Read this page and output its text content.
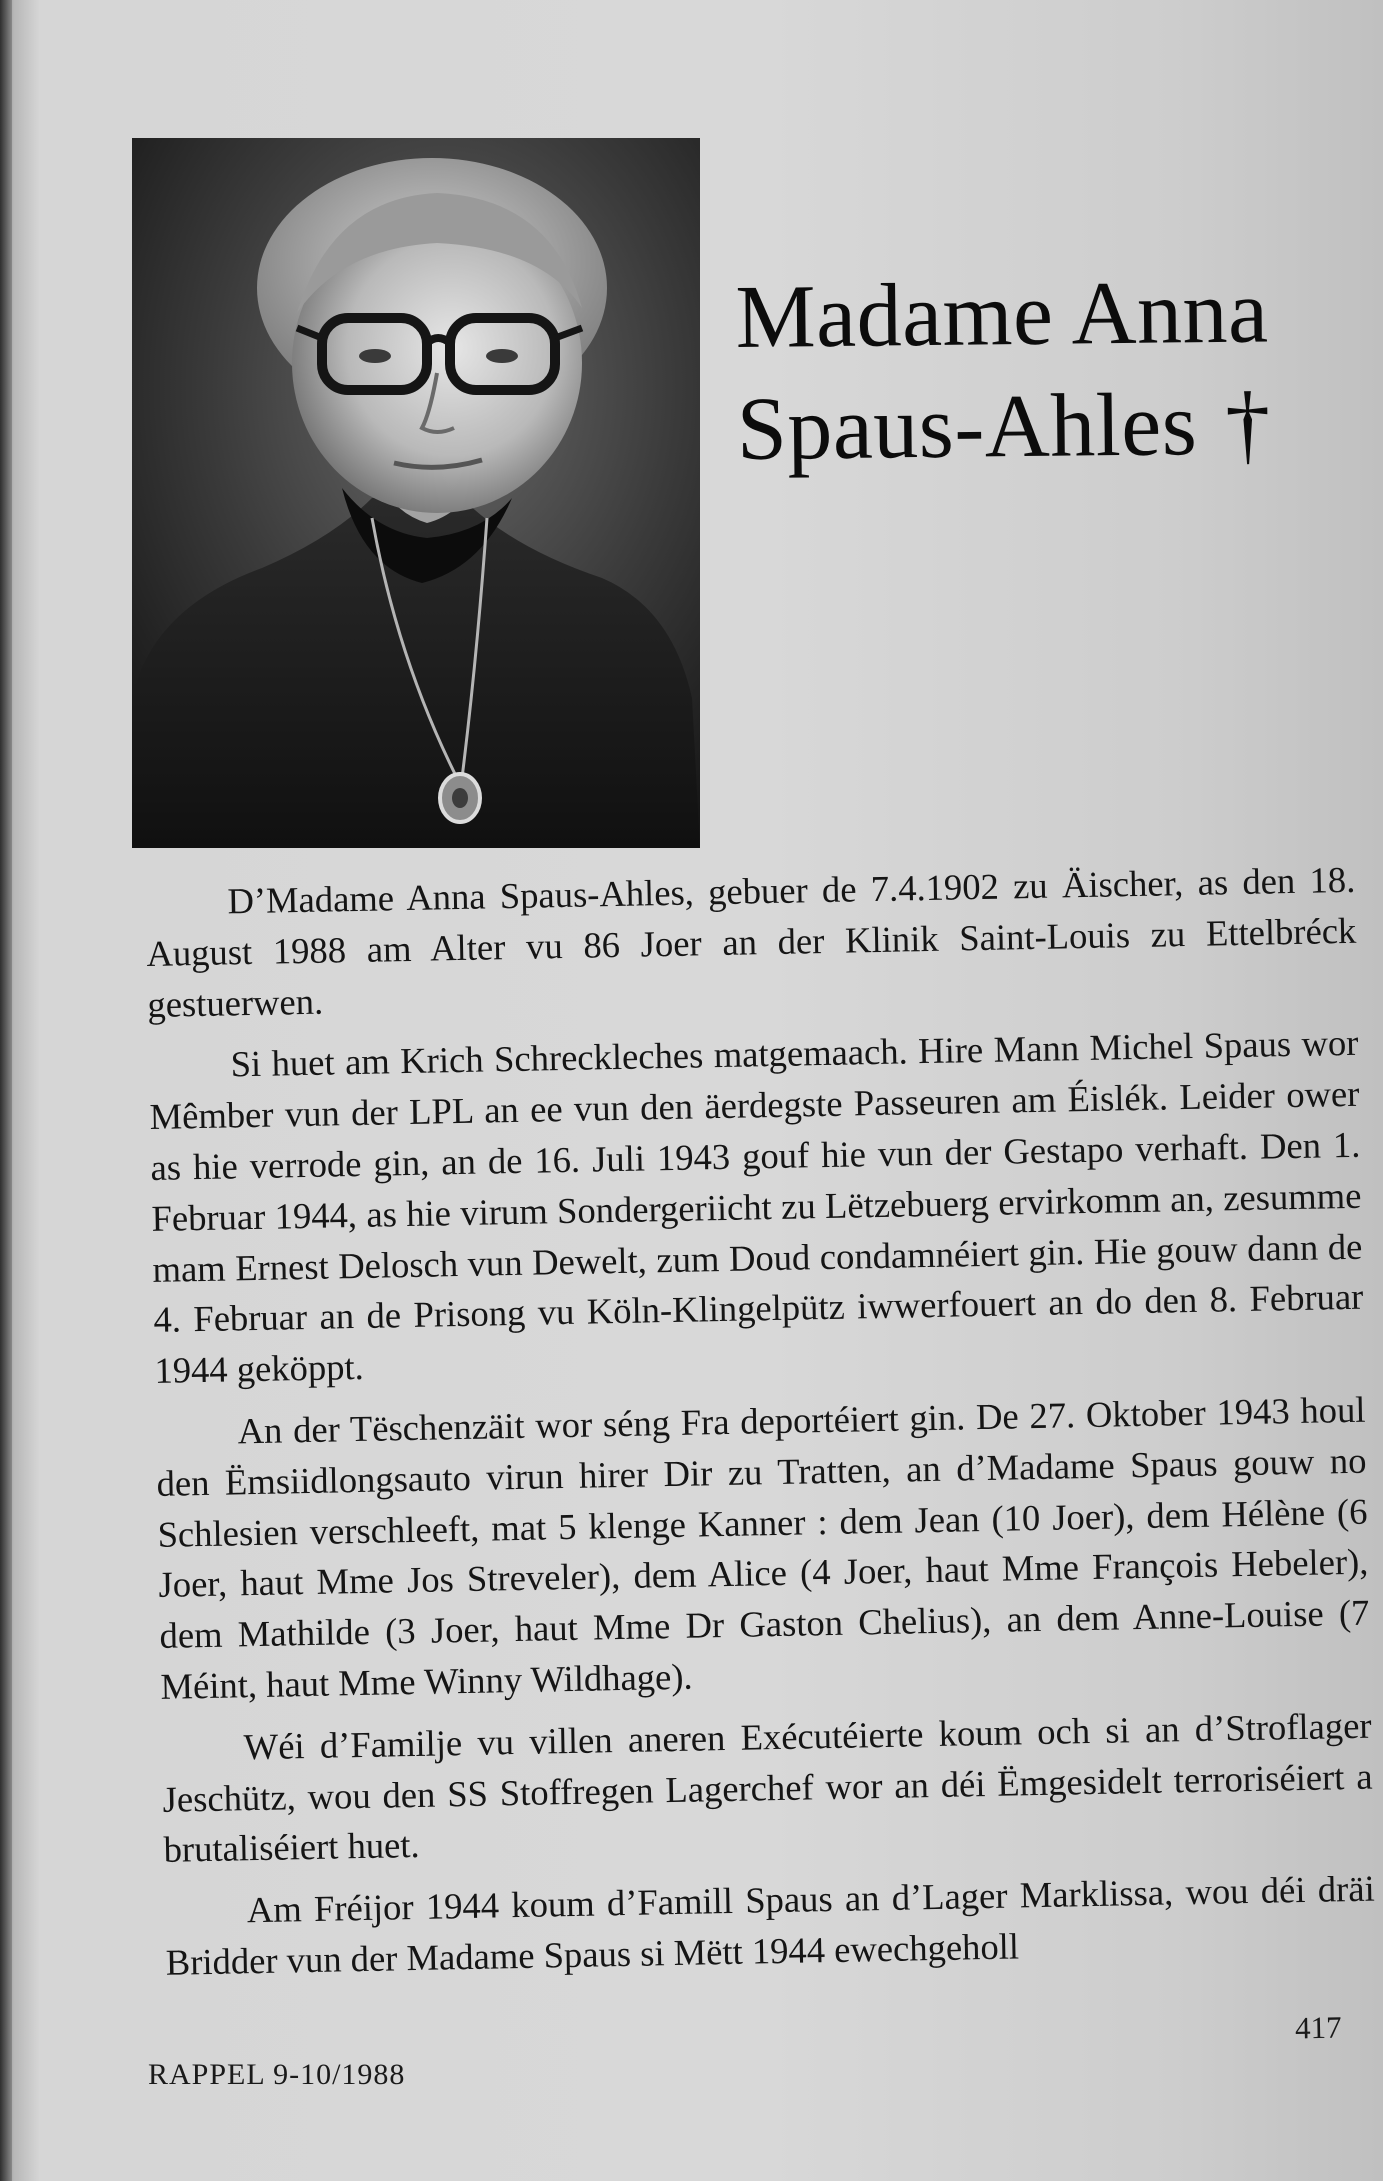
Madame Anna
Spaus-Ahles †

D’Madame Anna Spaus-Ahles, gebuer de 7.4.1902 zu Äischer, as den 18. August 1988 am Alter vu 86 Joer an der Klinik Saint-Louis zu Ettelbréck gestuerwen.

Si huet am Krich Schreckleches matgemaach. Hire Mann Michel Spaus wor Mêmber vun der LPL an ee vun den äerdegste Passeuren am Éislék. Leider ower as hie verrode gin, an de 16. Juli 1943 gouf hie vun der Gestapo verhaft. Den 1. Februar 1944, as hie virum Sondergeriicht zu Lëtzebuerg ervirkomm an, zesumme mam Ernest Delosch vun Dewelt, zum Doud condamnéiert gin. Hie gouw dann de 4. Februar an de Prisong vu Köln-Klingelpütz iwwerfouert an do den 8. Februar 1944 geköppt.

An der Tëschenzäit wor séng Fra deportéiert gin. De 27. Oktober 1943 houl den Ëmsiidlongsauto virun hirer Dir zu Tratten, an d’Madame Spaus gouw no Schlesien verschleeft, mat 5 klenge Kanner : dem Jean (10 Joer), dem Hélène (6 Joer, haut Mme Jos Streveler), dem Alice (4 Joer, haut Mme François Hebeler), dem Mathilde (3 Joer, haut Mme Dr Gaston Chelius), an dem Anne-Louise (7 Méint, haut Mme Winny Wildhage).

Wéi d’Familje vu villen aneren Exécutéierte koum och si an d’Stroflager Jeschütz, wou den SS Stoffregen Lagerchef wor an déi Ëmgesidelt terroriséiert a brutaliséiert huet.

Am Fréijor 1944 koum d’Famill Spaus an d’Lager Marklissa, wou déi dräi Bridder vun der Madame Spaus si Mëtt 1944 ewechgeholl

417
RAPPEL 9-10/1988
